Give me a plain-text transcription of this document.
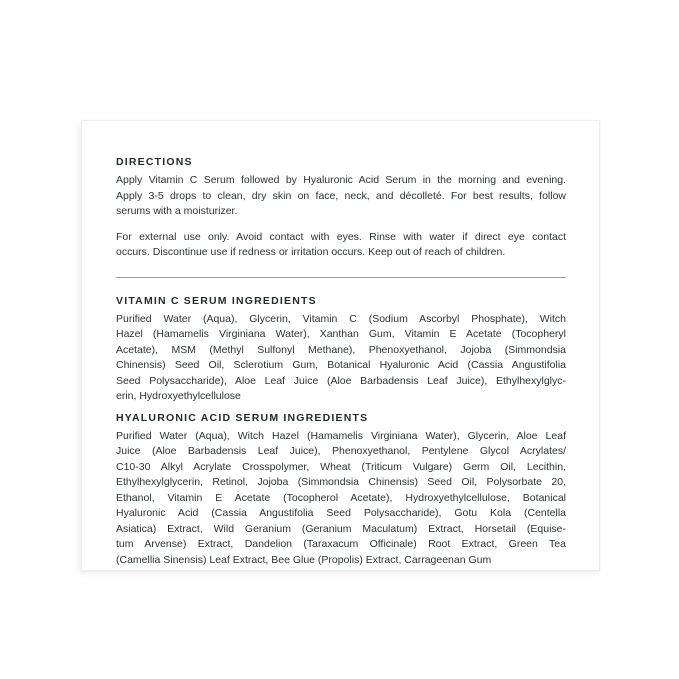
DIRECTIONS
Apply Vitamin C Serum followed by Hyaluronic Acid Serum in the morning and evening.
Apply 3-5 drops to clean, dry skin on face, neck, and décolleté. For best results, follow
serums with a moisturizer.
For external use only. Avoid contact with eyes. Rinse with water if direct eye contact
occurs. Discontinue use if redness or irritation occurs. Keep out of reach of children.
VITAMIN C SERUM INGREDIENTS
Purified Water (Aqua), Glycerin, Vitamin C (Sodium Ascorbyl Phosphate), Witch
Hazel (Hamamelis Virginiana Water), Xanthan Gum, Vitamin E Acetate (Tocopheryl
Acetate), MSM (Methyl Sulfonyl Methane), Phenoxyethanol, Jojoba (Simmondsia
Chinensis) Seed Oil, Sclerotium Gum, Botanical Hyaluronic Acid (Cassia Angustifolia
Seed Polysaccharide), Aloe Leaf Juice (Aloe Barbadensis Leaf Juice), Ethylhexylglyc-
erin, Hydroxyethylcellulose
HYALURONIC ACID SERUM INGREDIENTS
Purified Water (Aqua), Witch Hazel (Hamamelis Virginiana Water), Glycerin, Aloe Leaf
Juice (Aloe Barbadensis Leaf Juice), Phenoxyethanol, Pentylene Glycol Acrylates/
C10-30 Alkyl Acrylate Crosspolymer, Wheat (Triticum Vulgare) Germ Oil, Lecithin,
Ethylhexylglycerin, Retinol, Jojoba (Simmondsia Chinensis) Seed Oil, Polysorbate 20,
Ethanol, Vitamin E Acetate (Tocopherol Acetate), Hydroxyethylcellulose, Botanical
Hyaluronic Acid (Cassia Angustifolia Seed Polysaccharide), Gotu Kola (Centella
Asiatica) Extract, Wild Geranium (Geranium Maculatum) Extract, Horsetail (Equise-
tum Arvense) Extract, Dandelion (Taraxacum Officinale) Root Extract, Green Tea
(Camellia Sinensis) Leaf Extract, Bee Glue (Propolis) Extract, Carrageenan Gum
